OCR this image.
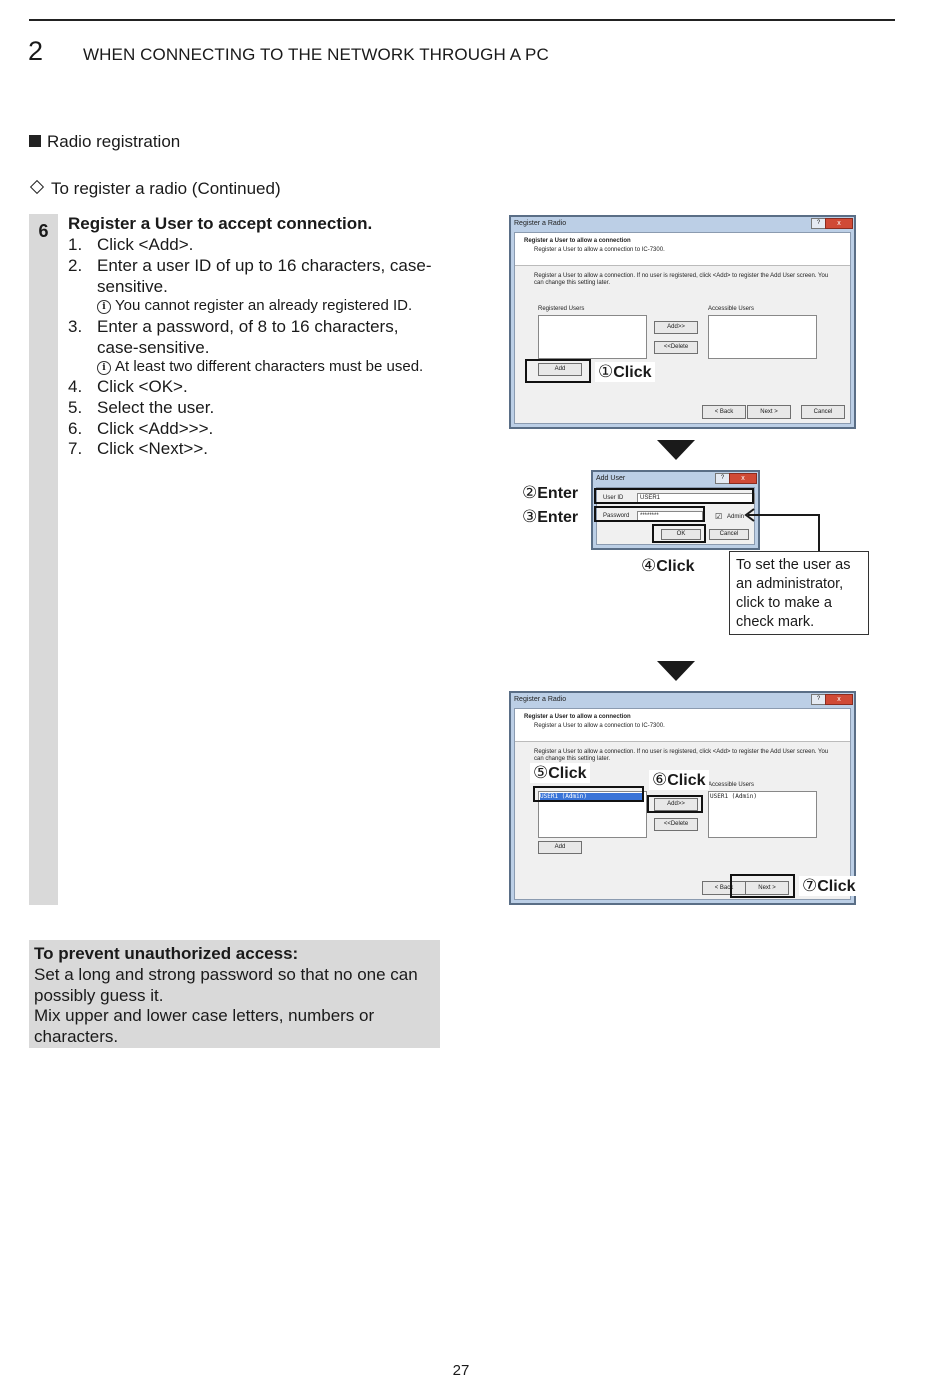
2 WHEN CONNECTING TO THE NETWORK THROUGH A PC
Radio registration
To register a radio (Continued)
6	Register a User to accept connection.
1. Click <Add>.
2. Enter a user ID of up to 16 characters, case-
sensitive.
i You cannot register an already registered ID.
3. Enter a password, of 8 to 16 characters,
case-sensitive.
i At least two different characters must be used.
4. Click <OK>.
5. Select the user.
6. Click <Add>>>.
7. Click <Next>>.
To prevent unauthorized access:
Set a long and strong password so that no one can
possibly guess it.
Mix upper and lower case letters, numbers or
characters.
Register a Radio	?	x
Register a User to allow a connection
Register a User to allow a connection to IC-7300.
Register a User to allow a connection. If no user is registered, click <Add> to register the Add User screen. You
can change this setting later.
Registered Users	Accessible Users
Add>>
<<Delete
Add
< Back	Next >	Cancel
①Click
Add User	?	x
User ID	USER1
Password	********	☑ Admin
OK	Cancel
②Enter
③Enter
④Click	To set the user as
an administrator,
click to make a
check mark.
Register a Radio	?	x
Register a User to allow a connection
Register a User to allow a connection to IC-7300.
Register a User to allow a connection. If no user is registered, click <Add> to register the Add User screen. You
can change this setting later.
Accessible Users
USER1 (Admin)	USER1 (Admin)
Add>>
<<Delete
Add
< Back	Next >
⑤Click	⑥Click
⑦Click
27
